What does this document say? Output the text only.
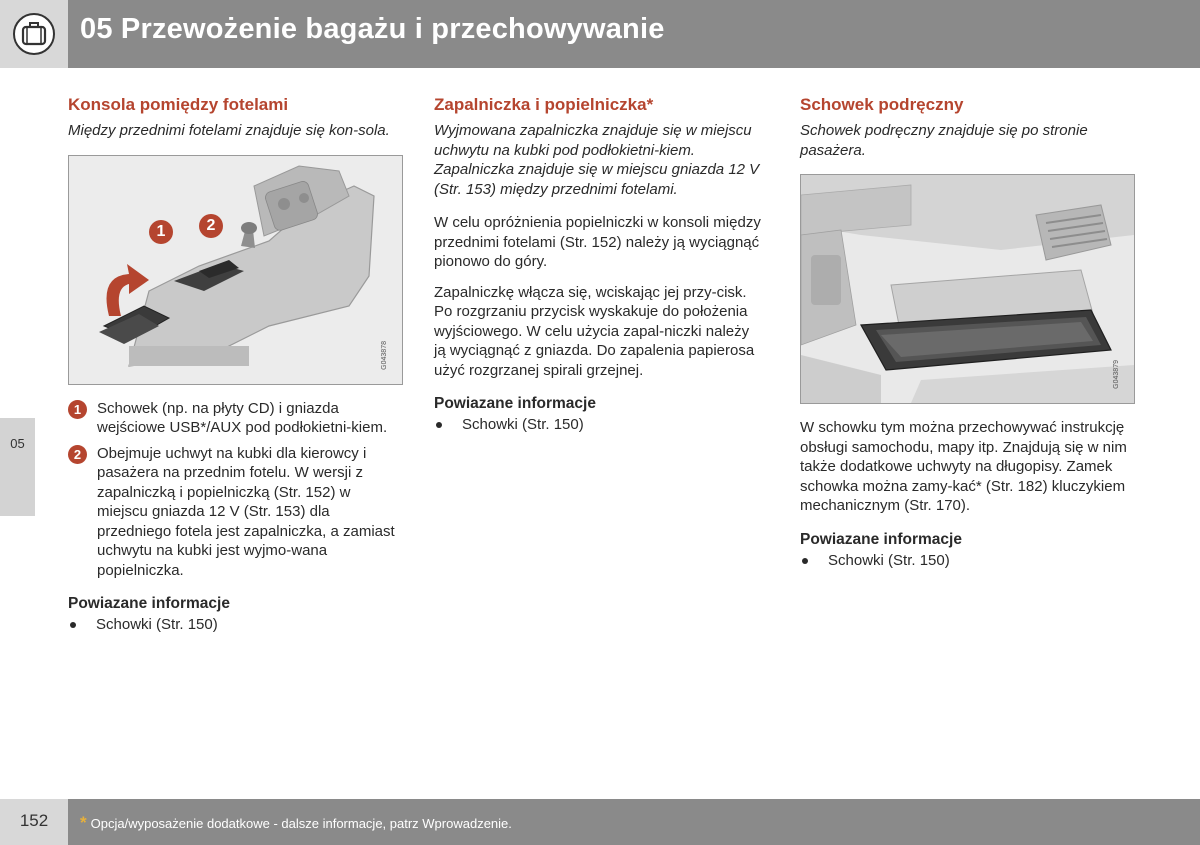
05 Przewożenie bagażu i przechowywanie
05
Konsola pomiędzy fotelami

Między przednimi fotelami znajduje się kon-sola.

1	2
G043878
1	Schowek (np. na płyty CD) i gniazda wejściowe USB*/AUX pod podłokietni-kiem.
2	Obejmuje uchwyt na kubki dla kierowcy i pasażera na przednim fotelu. W wersji z zapalniczką i popielniczką (Str. 152) w miejscu gniazda 12 V (Str. 153) dla przedniego fotela jest zapalniczka, a zamiast uchwytu na kubki jest wyjmo-wana popielniczka.
Powiazane informacje
Schowki (Str. 150)
Zapalniczka i popielniczka*

Wyjmowana zapalniczka znajduje się w miejscu uchwytu na kubki pod podłokietni-kiem. Zapalniczka znajduje się w miejscu gniazda 12 V (Str. 153) między przednimi fotelami.

W celu opróżnienia popielniczki w konsoli między przednimi fotelami (Str. 152) należy ją wyciągnąć pionowo do góry.

Zapalniczkę włącza się, wciskając jej przy-cisk. Po rozgrzaniu przycisk wyskakuje do położenia wyjściowego. W celu użycia zapal-niczki należy ją wyciągnąć z gniazda. Do zapalenia papierosa użyć rozgrzanej spirali grzejnej.

Powiazane informacje
Schowki (Str. 150)
Schowek podręczny

Schowek podręczny znajduje się po stronie pasażera.

G043879

W schowku tym można przechowywać instrukcję obsługi samochodu, mapy itp. Znajdują się w nim także dodatkowe uchwyty na długopisy. Zamek schowka można zamy-kać* (Str. 182) kluczykiem mechanicznym (Str. 170).

Powiazane informacje
Schowki (Str. 150)
152	* Opcja/wyposażenie dodatkowe - dalsze informacje, patrz Wprowadzenie.
